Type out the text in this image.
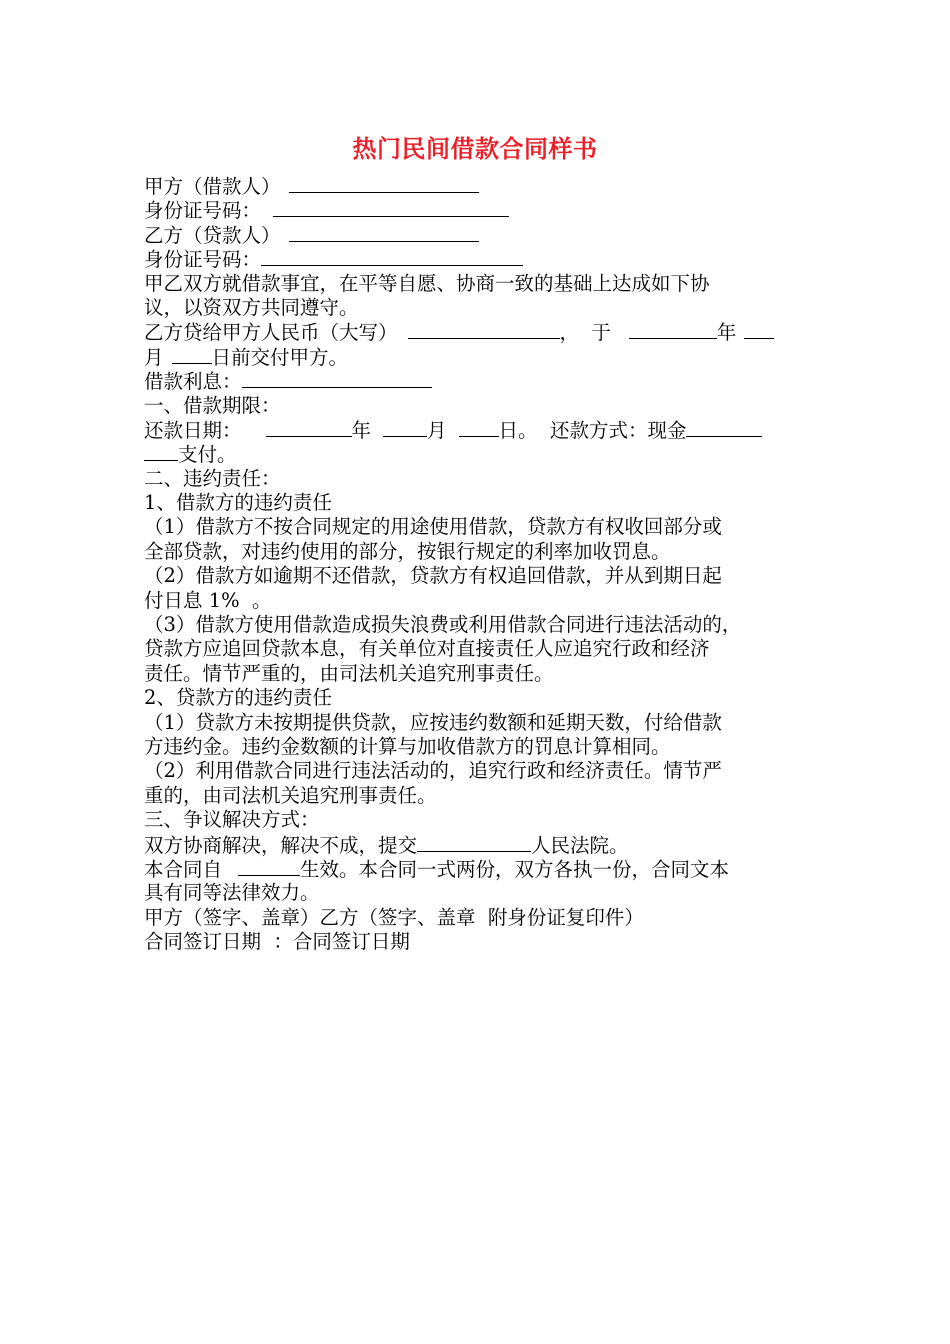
热门民间借款合同样书
甲方（借款人）
身份证号码：
乙方（贷款人）
身份证号码：
甲乙双方就借款事宜，在平等自愿、协商一致的基础上达成如下协
议，以资双方共同遵守。
乙方贷给甲方人民币（大写）	，  于	年
月 日前交付甲方。
借款利息：
一、借款期限：
还款日期：	年	月	日。  还款方式：现金
支付。
二、违约责任：
1、借款方的违约责任
（1）借款方不按合同规定的用途使用借款，贷款方有权收回部分或
全部贷款，对违约使用的部分，按银行规定的利率加收罚息。
（2）借款方如逾期不还借款，贷款方有权追回借款，并从到期日起
付日息 1%  。
（3）借款方使用借款造成损失浪费或利用借款合同进行违法活动的，
贷款方应追回贷款本息，有关单位对直接责任人应追究行政和经济
责任。情节严重的，由司法机关追究刑事责任。
2、贷款方的违约责任
（1）贷款方未按期提供贷款，应按违约数额和延期天数，付给借款
方违约金。违约金数额的计算与加收借款方的罚息计算相同。
（2）利用借款合同进行违法活动的，追究行政和经济责任。情节严
重的，由司法机关追究刑事责任。
三、争议解决方式：
双方协商解决，解决不成，提交	人民法院。
本合同自	生效。本合同一式两份，双方各执一份，合同文本
具有同等法律效力。
甲方（签字、盖章）乙方（签字、盖章  附身份证复印件）
合同签订日期  ：合同签订日期
